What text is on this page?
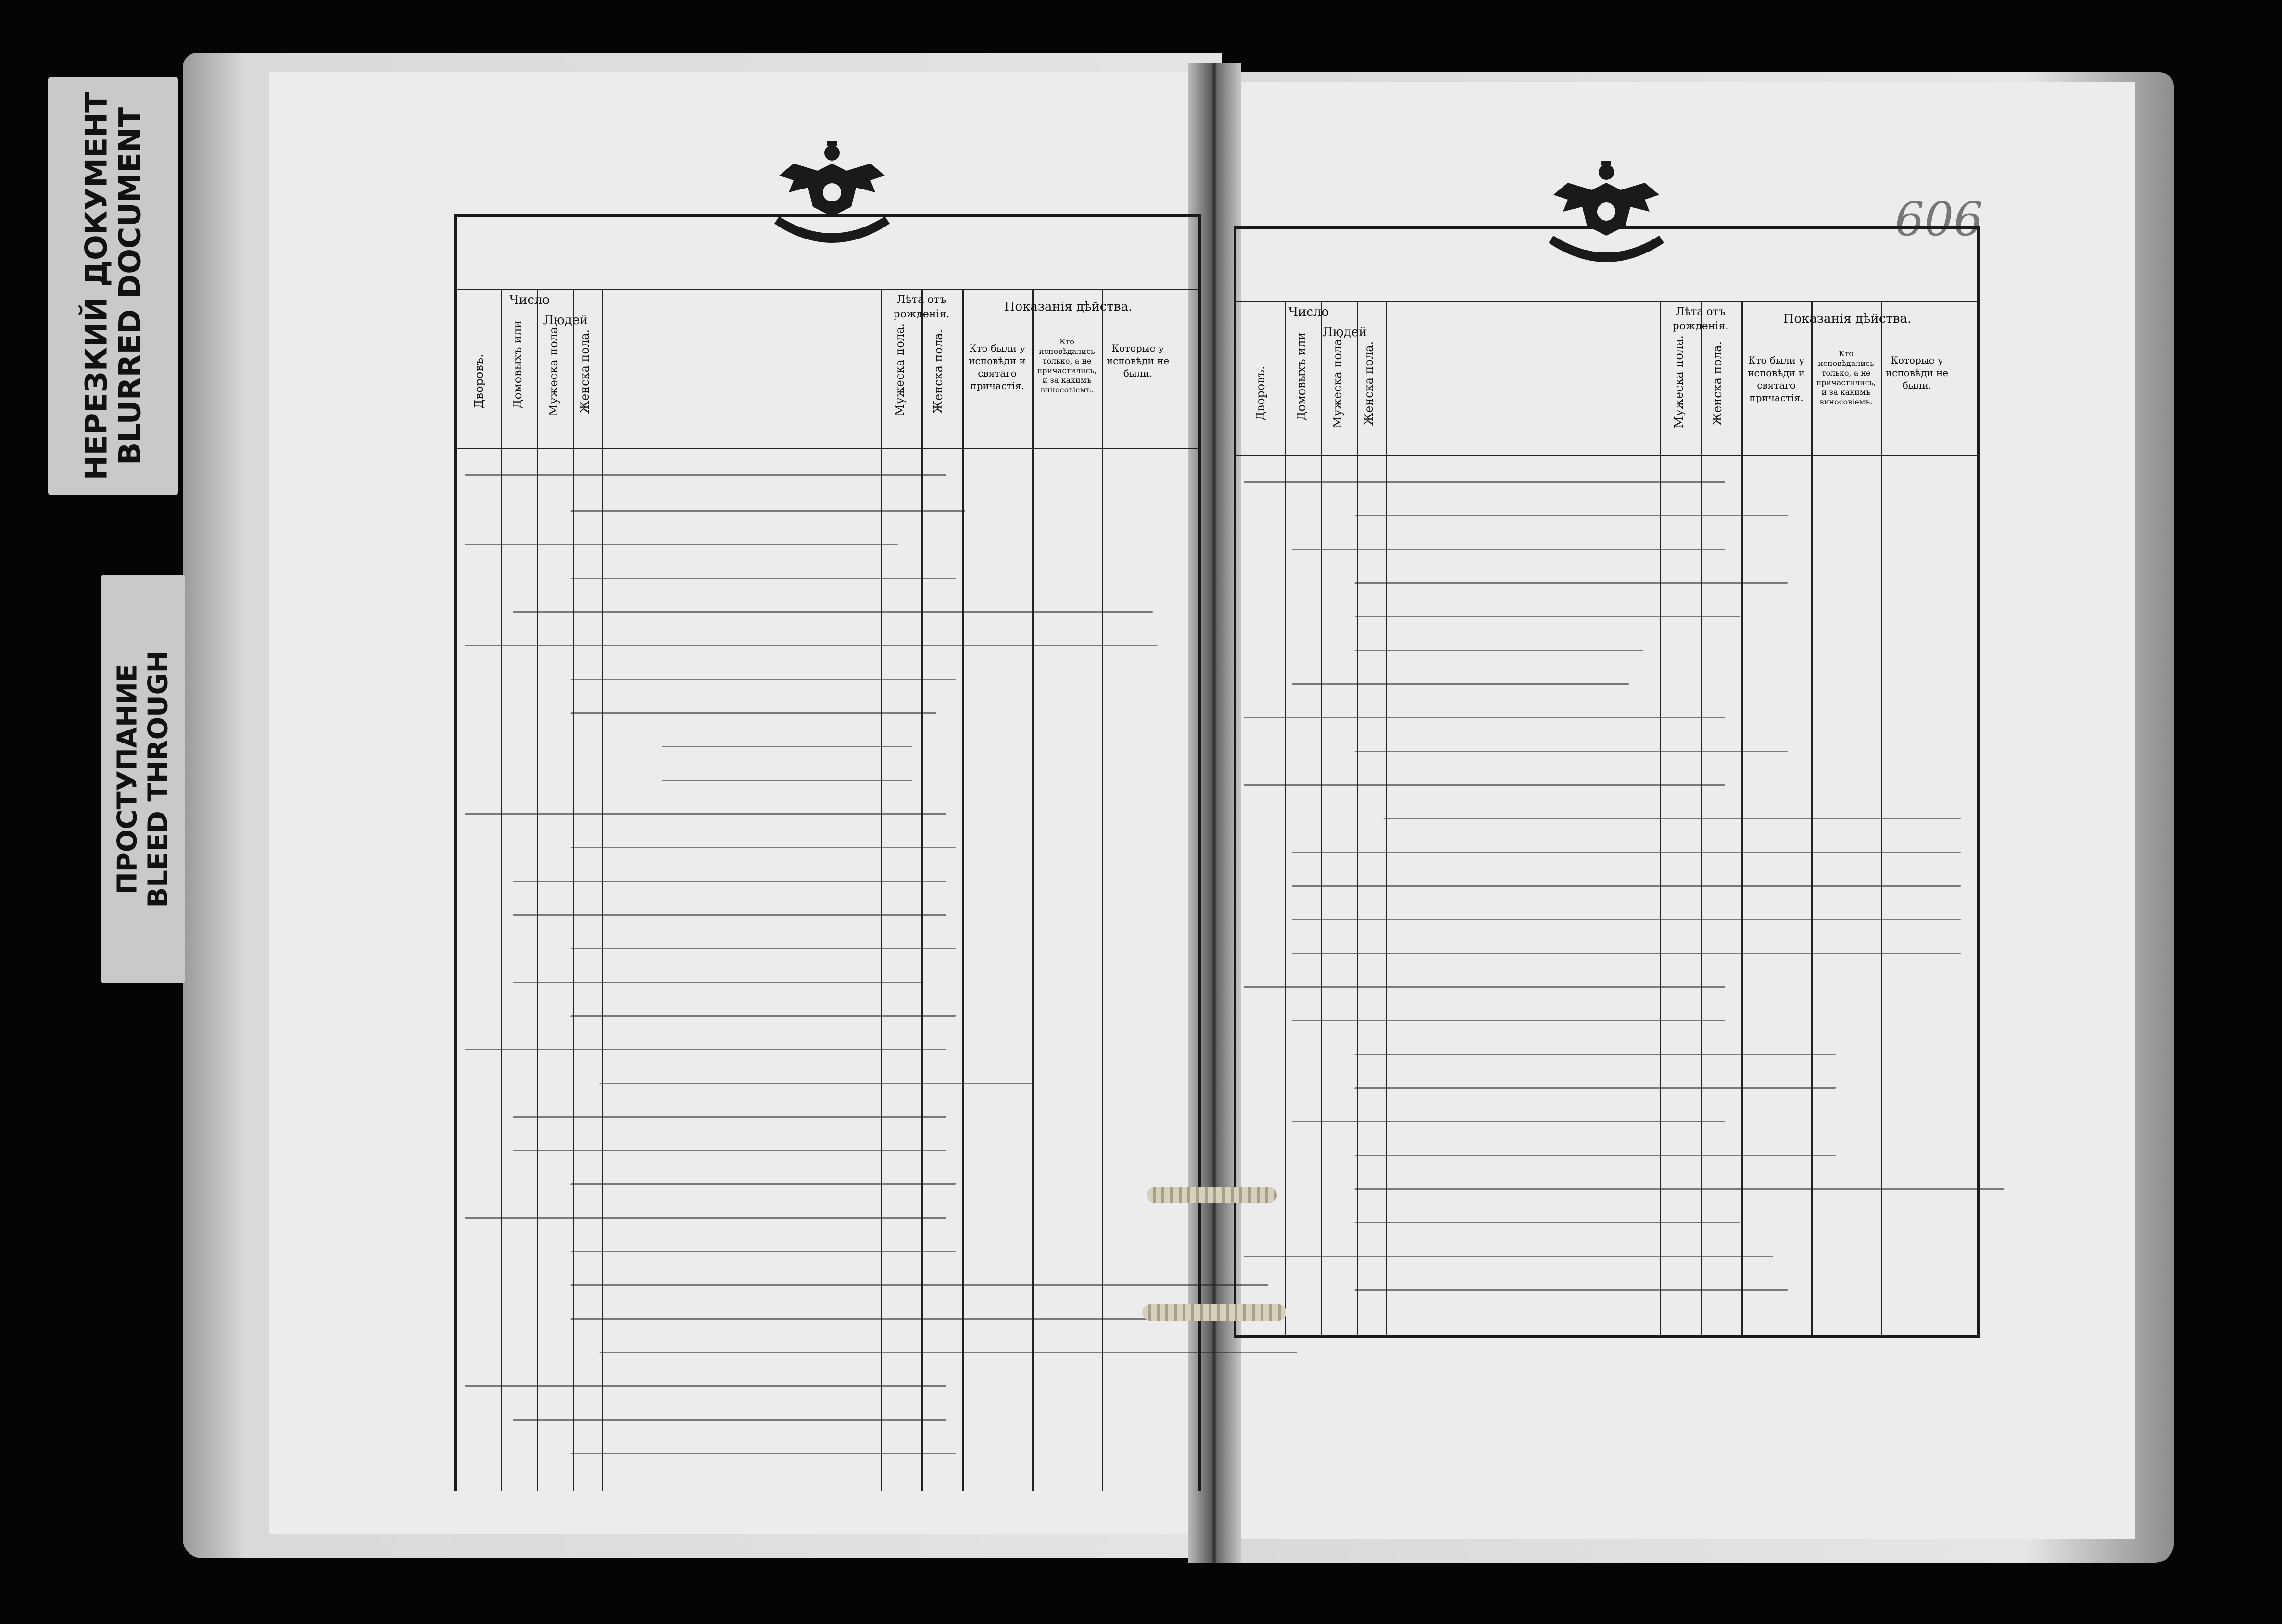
НЕРЕЗКИЙ ДОКУМЕНТ
BLURRED DOCUMENT
ПРОСТУПАНИЕ BLEED THROUGH
606
Число
Людей
Лѣта отъ рожденія.
Показанія дѣйства.
Кто были у исповѣди и святаго причастія.
Кто исповѣдались только, а не причастились, и за какимъ виносовіемъ.
Которые у исповѣди не были.
Дворовъ. Домовыхъ или Мужеска пола. Женска пола.	Мужеска пола. Женска пола.
Число
Людей
Лѣта отъ рожденія.
Показанія дѣйства.
Кто были у исповѣди и святаго причастія.
Кто исповѣдались только, а не причастились, и за какимъ виносовіемъ.
Которые у исповѣди не были.
Дворовъ. Домовыхъ или Мужеска пола. Женска пола.	Мужеска пола. Женска пола.
